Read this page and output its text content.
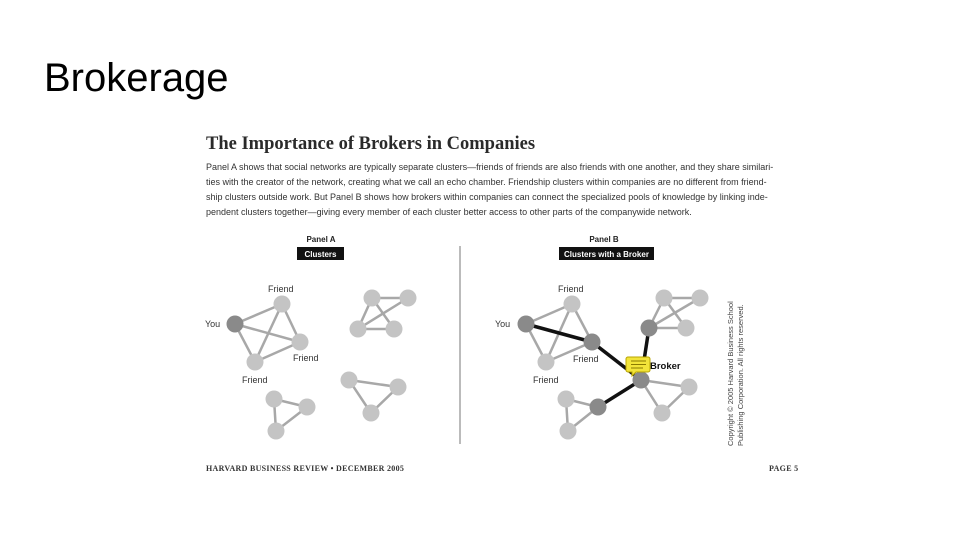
Brokerage
The Importance of Brokers in Companies
Panel A shows that social networks are typically separate clusters—friends of friends are also friends with one another, and they share similari-
ties with the creator of the network, creating what we call an echo chamber. Friendship clusters within companies are no different from friend-
ship clusters outside work. But Panel B shows how brokers within companies can connect the specialized pools of knowledge by linking inde-
pendent clusters together—giving every member of each cluster better access to other parts of the companywide network.
Panel A
Clusters
Panel B
Clusters with a Broker
You
Friend
Friend
Friend
You
Friend
Friend
Friend
Broker	Copyright © 2005 Harvard Business School Publishing Corporation. All rights reserved.
HARVARD BUSINESS REVIEW • DECEMBER 2005	PAGE 5
